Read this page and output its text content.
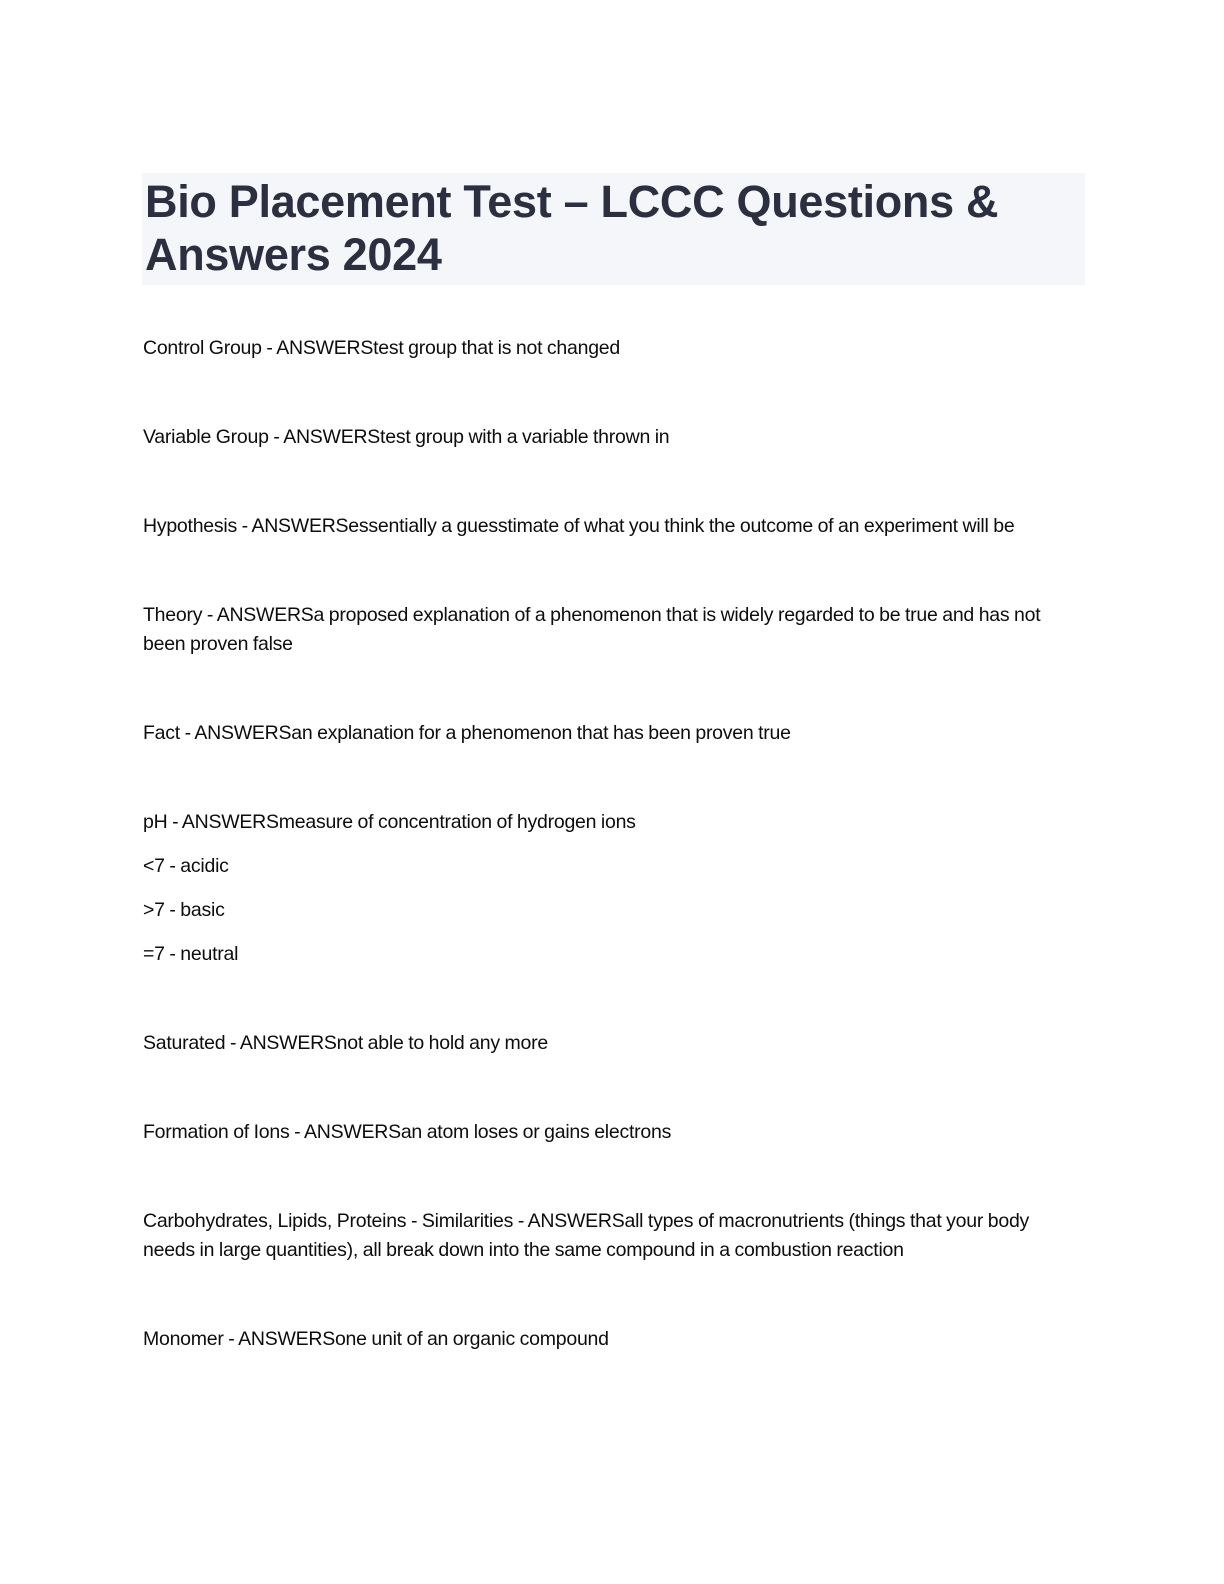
Bio Placement Test – LCCC Questions & Answers 2024

Control Group - ANSWERStest group that is not changed

Variable Group - ANSWERStest group with a variable thrown in

Hypothesis - ANSWERSessentially a guesstimate of what you think the outcome of an experiment will be

Theory - ANSWERSa proposed explanation of a phenomenon that is widely regarded to be true and has not been proven false

Fact - ANSWERSan explanation for a phenomenon that has been proven true

pH - ANSWERSmeasure of concentration of hydrogen ions

<7 - acidic

>7 - basic

=7 - neutral

Saturated - ANSWERSnot able to hold any more

Formation of Ions - ANSWERSan atom loses or gains electrons

Carbohydrates, Lipids, Proteins - Similarities - ANSWERSall types of macronutrients (things that your body needs in large quantities), all break down into the same compound in a combustion reaction

Monomer - ANSWERSone unit of an organic compound
